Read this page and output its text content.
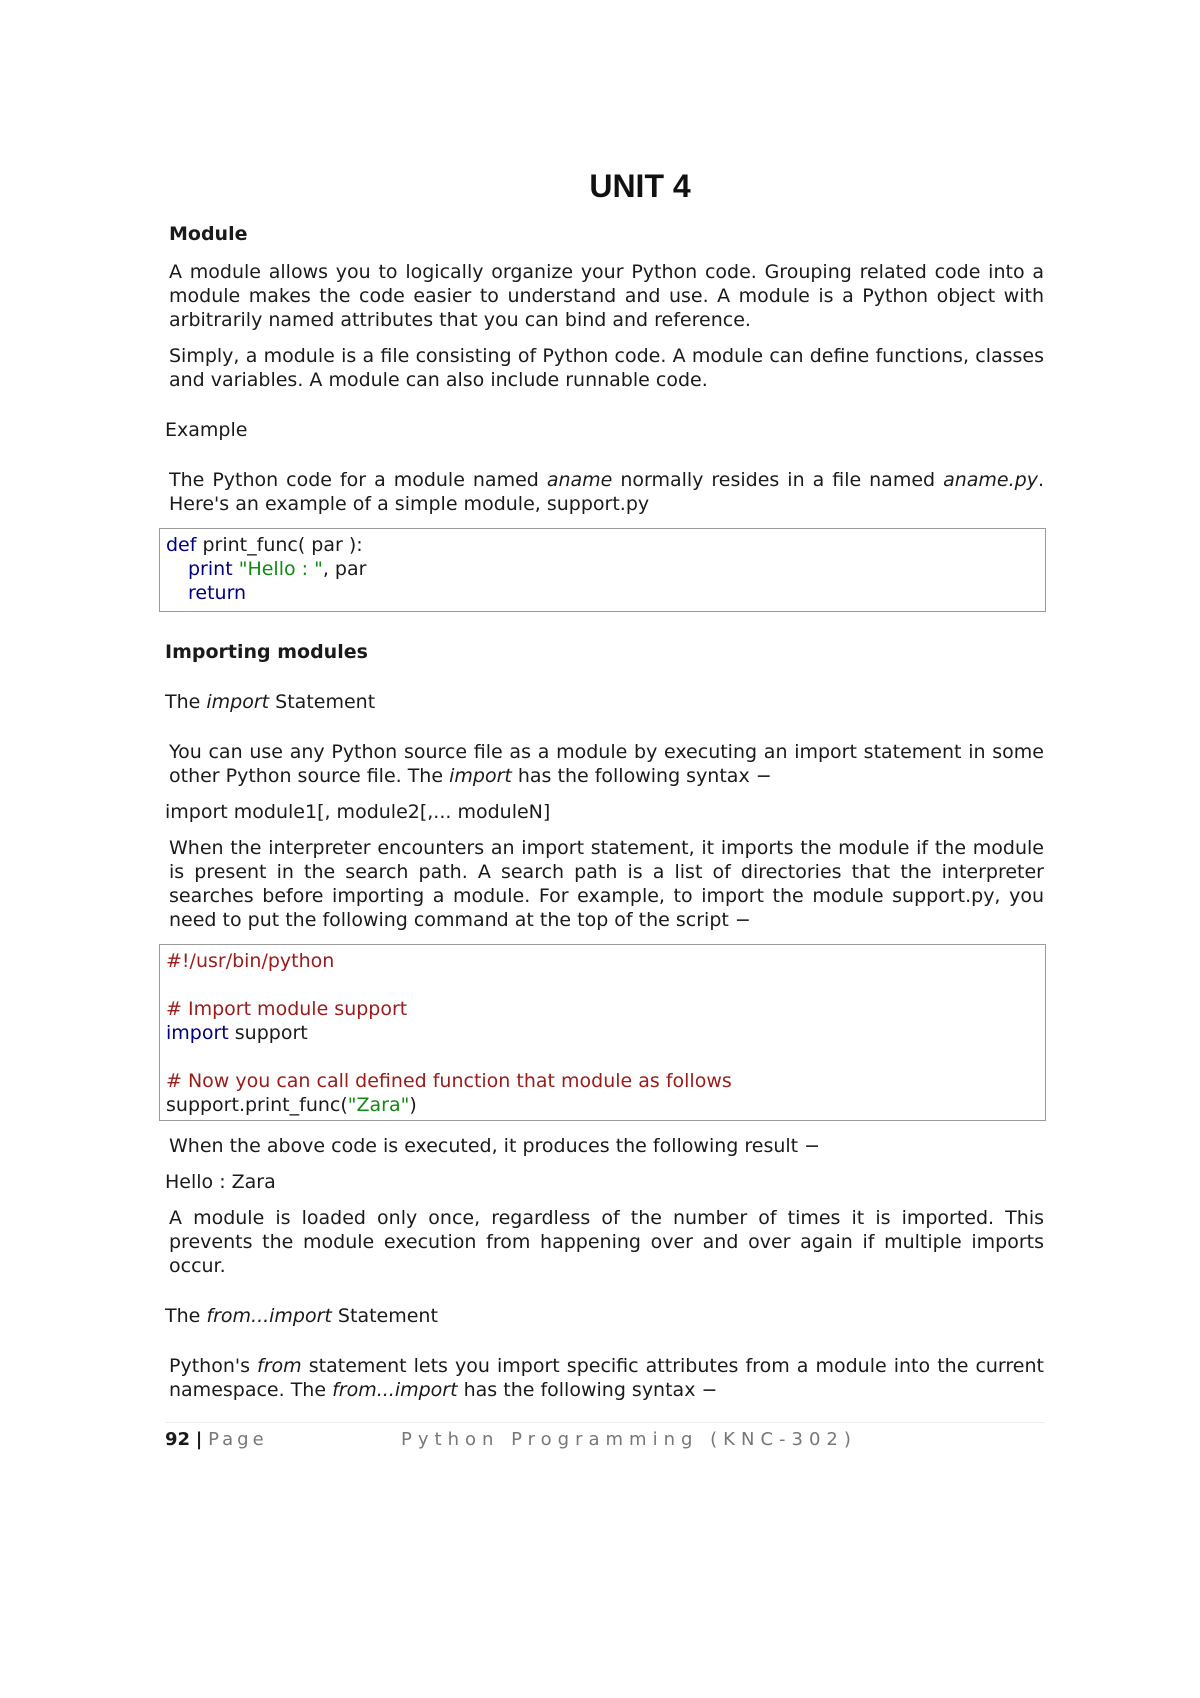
UNIT 4
Module
A module allows you to logically organize your Python code. Grouping related code into a module makes the code easier to understand and use. A module is a Python object with arbitrarily named attributes that you can bind and reference.
Simply, a module is a file consisting of Python code. A module can define functions, classes and variables. A module can also include runnable code.
Example
The Python code for a module named aname normally resides in a file named aname.py. Here's an example of a simple module, support.py
def print_func( par ):
print "Hello : ", par
return
Importing modules
The import Statement
You can use any Python source file as a module by executing an import statement in some other Python source file. The import has the following syntax −
import module1[, module2[,... moduleN]
When the interpreter encounters an import statement, it imports the module if the module is present in the search path. A search path is a list of directories that the interpreter searches before importing a module. For example, to import the module support.py, you need to put the following command at the top of the script −
#!/usr/bin/python
# Import module support
import support
# Now you can call defined function that module as follows
support.print_func("Zara")
When the above code is executed, it produces the following result −
Hello : Zara
A module is loaded only once, regardless of the number of times it is imported. This prevents the module execution from happening over and over again if multiple imports occur.
The from...import Statement
Python's from statement lets you import specific attributes from a module into the current namespace. The from...import has the following syntax −
92 | Page	Python Programming (KNC-302)
